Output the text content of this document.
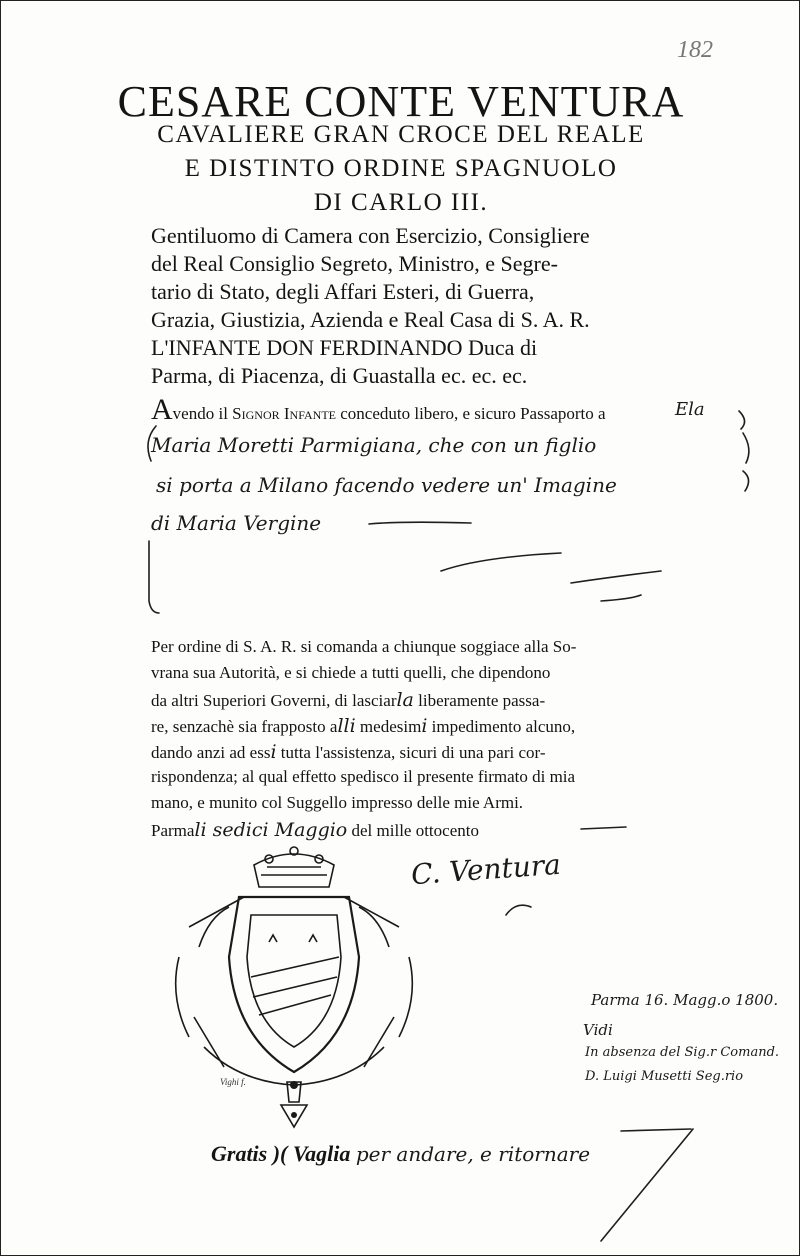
182
CESARE CONTE VENTURA
CAVALIERE GRAN CROCE DEL REALE
E DISTINTO ORDINE SPAGNUOLO
DI CARLO III.
Gentiluomo di Camera con Esercizio, Consigliere
del Real Consiglio Segreto, Ministro, e Segre-
tario di Stato, degli Affari Esteri, di Guerra,
Grazia, Giustizia, Azienda e Real Casa di S. A. R.
L'INFANTE DON FERDINANDO Duca di
Parma, di Piacenza, di Guastalla ec. ec. ec.
Avendo il Signor Infante conceduto libero, e sicuro Passaporto a	Ela
Maria Moretti Parmigiana, che con un figlio
si porta a Milano facendo vedere un' Imagine
di Maria Vergine
Per ordine di S. A. R. si comanda a chiunque soggiace alla So-
vrana sua Autorità, e si chiede a tutti quelli, che dipendono
da altri Superiori Governi, di lasciarla liberamente passa-
re, senzachè sia frapposto alli medesimi impedimento alcuno,
dando anzi ad essi tutta l'assistenza, sicuri di una pari cor-
rispondenza; al qual effetto spedisco il presente firmato di mia
mano, e munito col Suggello impresso delle mie Armi.
Parmali sedici Maggio del mille ottocento
C. Ventura
Vighi f.
Parma 16. Magg.o 1800.
Vidi
In absenza del Sig.r Comand.
D. Luigi Musetti Seg.rio
Gratis )( Vaglia per andare, e ritornare
